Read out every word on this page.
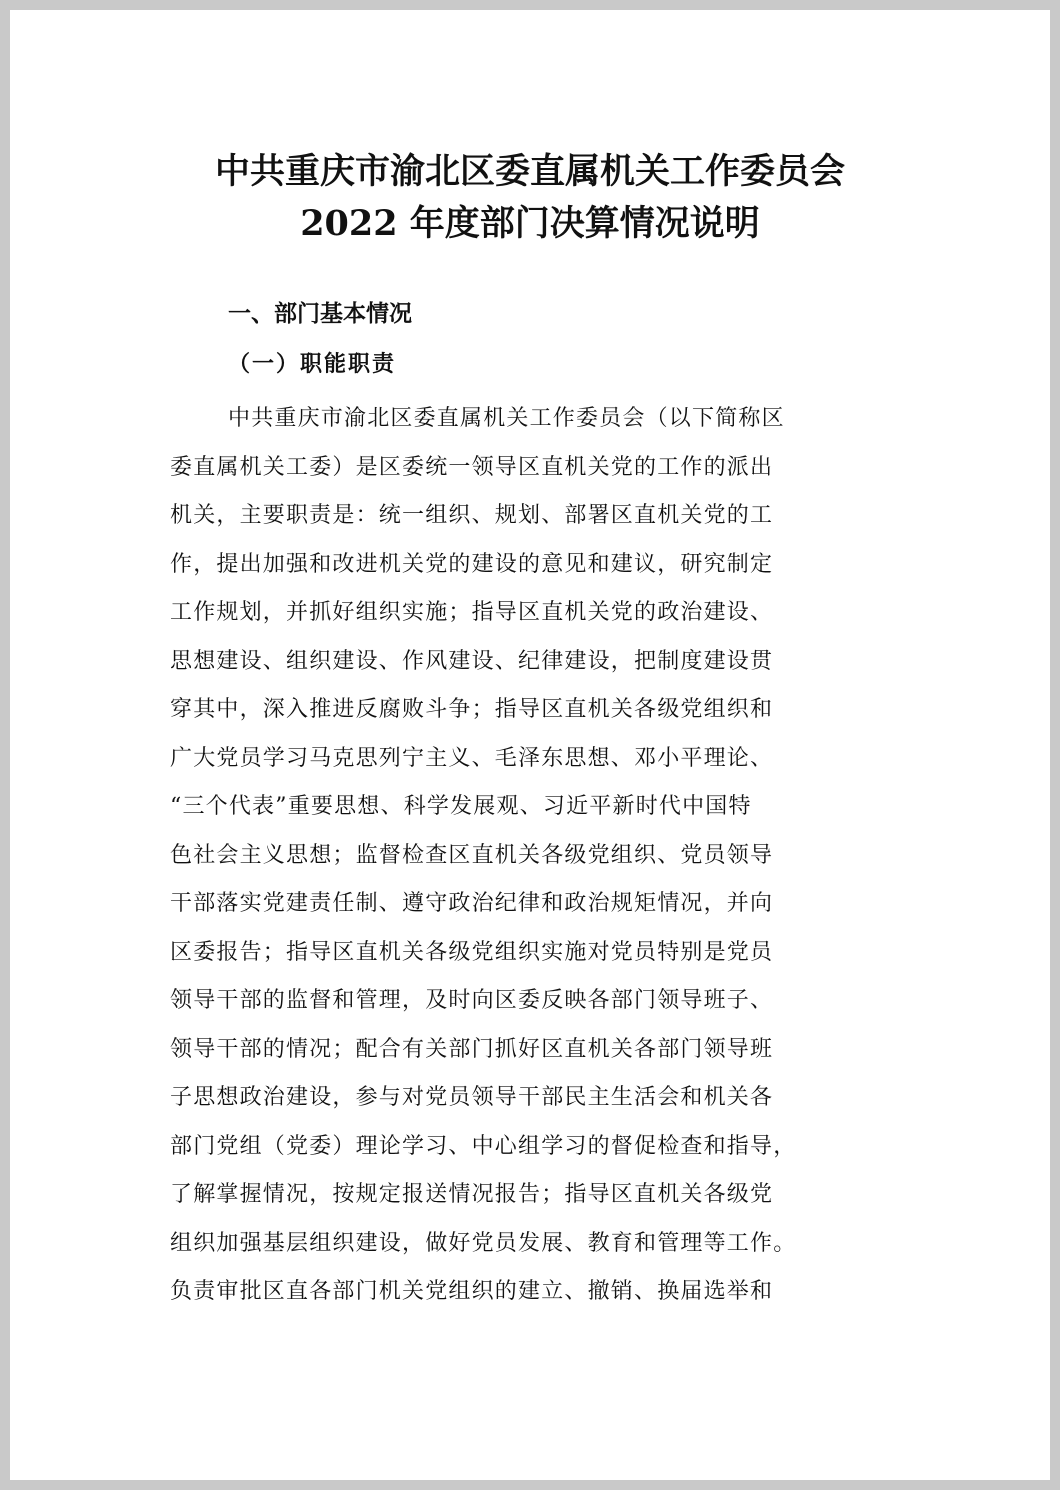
中共重庆市渝北区委直属机关工作委员会
2022 年度部门决算情况说明
一、部门基本情况
（一）职能职责

中共重庆市渝北区委直属机关工作委员会（以下简称区

委直属机关工委）是区委统一领导区直机关党的工作的派出

机关，主要职责是：统一组织、规划、部署区直机关党的工

作，提出加强和改进机关党的建设的意见和建议，研究制定

工作规划，并抓好组织实施；指导区直机关党的政治建设、

思想建设、组织建设、作风建设、纪律建设，把制度建设贯

穿其中，深入推进反腐败斗争；指导区直机关各级党组织和

广大党员学习马克思列宁主义、毛泽东思想、邓小平理论、

“三个代表”重要思想、科学发展观、习近平新时代中国特

色社会主义思想；监督检查区直机关各级党组织、党员领导

干部落实党建责任制、遵守政治纪律和政治规矩情况，并向

区委报告；指导区直机关各级党组织实施对党员特别是党员

领导干部的监督和管理，及时向区委反映各部门领导班子、

领导干部的情况；配合有关部门抓好区直机关各部门领导班

子思想政治建设，参与对党员领导干部民主生活会和机关各

部门党组（党委）理论学习、中心组学习的督促检查和指导，

了解掌握情况，按规定报送情况报告；指导区直机关各级党

组织加强基层组织建设，做好党员发展、教育和管理等工作。

负责审批区直各部门机关党组织的建立、撤销、换届选举和
